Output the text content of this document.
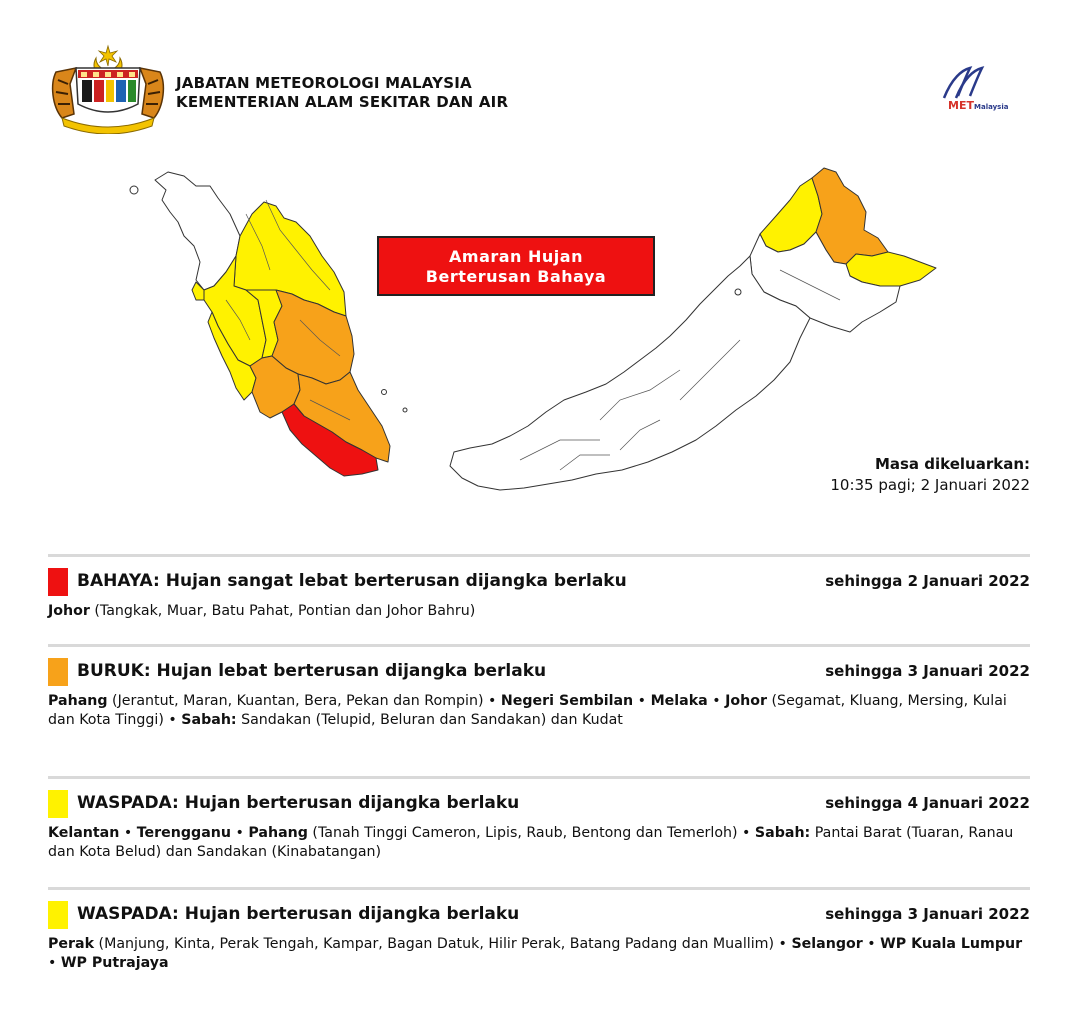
JABATAN METEOROLOGI MALAYSIA
KEMENTERIAN ALAM SEKITAR DAN AIR	MET Malaysia
Amaran Hujan
Berterusan Bahaya
Masa dikeluarkan:
10:35 pagi; 2 Januari 2022
BAHAYA: Hujan sangat lebat berterusan dijangka berlaku	sehingga 2 Januari 2022
Johor (Tangkak, Muar, Batu Pahat, Pontian dan Johor Bahru)
BURUK: Hujan lebat berterusan dijangka berlaku	sehingga 3 Januari 2022
Pahang (Jerantut, Maran, Kuantan, Bera, Pekan dan Rompin) • Negeri Sembilan • Melaka • Johor (Segamat, Kluang, Mersing, Kulai dan Kota Tinggi) • Sabah: Sandakan (Telupid, Beluran dan Sandakan) dan Kudat
WASPADA: Hujan berterusan dijangka berlaku	sehingga 4 Januari 2022
Kelantan • Terengganu • Pahang (Tanah Tinggi Cameron, Lipis, Raub, Bentong dan Temerloh) • Sabah: Pantai Barat (Tuaran, Ranau dan Kota Belud) dan Sandakan (Kinabatangan)
WASPADA: Hujan berterusan dijangka berlaku	sehingga 3 Januari 2022
Perak (Manjung, Kinta, Perak Tengah, Kampar, Bagan Datuk, Hilir Perak, Batang Padang dan Muallim) • Selangor • WP Kuala Lumpur • WP Putrajaya
